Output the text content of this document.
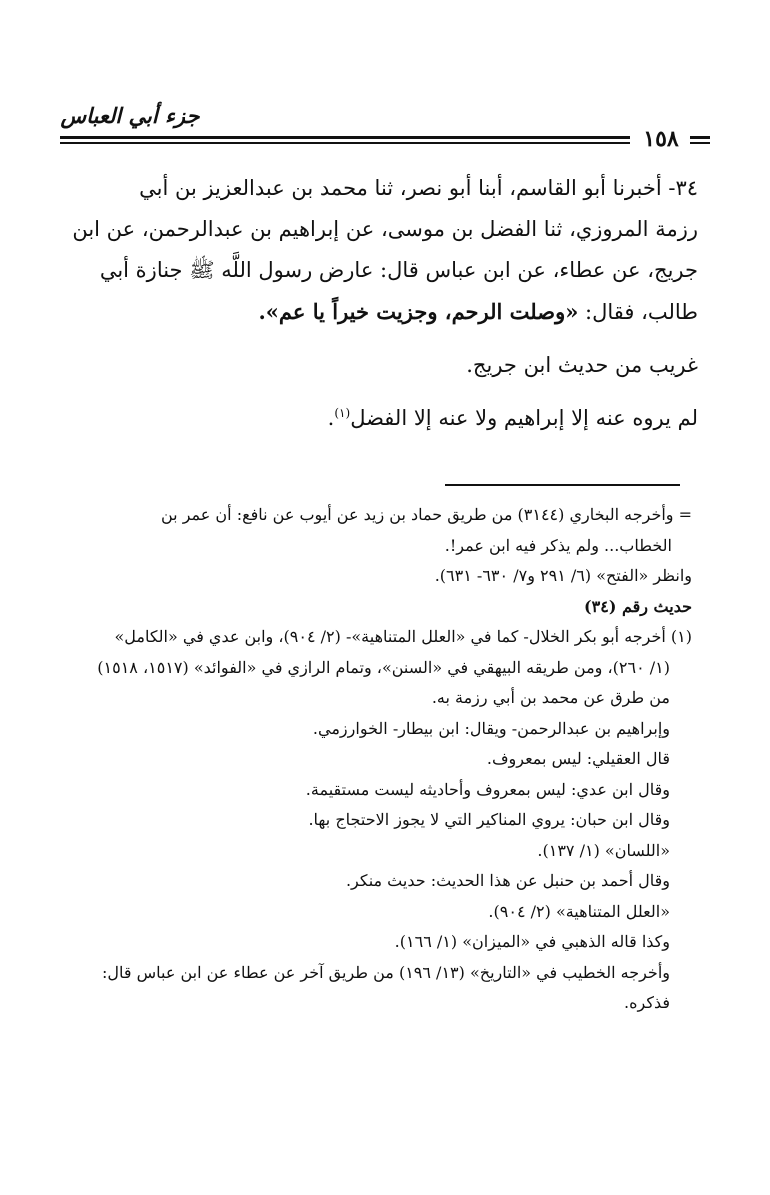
جزء أبي العباس
١٥٨
٣٤- أخبرنا أبو القاسم، أبنا أبو نصر، ثنا محمد بن عبدالعزيز بن أبي
رزمة المروزي، ثنا الفضل بن موسى، عن إبراهيم بن عبدالرحمن، عن ابن
جريج، عن عطاء، عن ابن عباس قال: عارض رسول اللَّه ﷺ جنازة أبي
طالب، فقال: «وصلت الرحم، وجزيت خيراً يا عم».
غريب من حديث ابن جريج.
لم يروه عنه إلا إبراهيم ولا عنه إلا الفضل$^{(١)}$.
= وأخرجه البخاري (٣١٤٤) من طريق حماد بن زيد عن أيوب عن نافع: أن عمر بن
الخطاب... ولم يذكر فيه ابن عمر!.
وانظر «الفتح» (٦/ ٢٩١ و٧/ ٦٣٠- ٦٣١).
حديث رقم (٣٤)
(١) أخرجه أبو بكر الخلال- كما في «العلل المتناهية»- (٢/ ٩٠٤)، وابن عدي في «الكامل»
(١/ ٢٦٠)، ومن طريقه البيهقي في «السنن»، وتمام الرازي في «الفوائد» (١٥١٧، ١٥١٨)
من طرق عن محمد بن أبي رزمة به.
وإبراهيم بن عبدالرحمن- ويقال: ابن بيطار- الخوارزمي.
قال العقيلي: ليس بمعروف.
وقال ابن عدي: ليس بمعروف وأحاديثه ليست مستقيمة.
وقال ابن حبان: يروي المناكير التي لا يجوز الاحتجاج بها.
«اللسان» (١/ ١٣٧).
وقال أحمد بن حنبل عن هذا الحديث: حديث منكر.
«العلل المتناهية» (٢/ ٩٠٤).
وكذا قاله الذهبي في «الميزان» (١/ ١٦٦).
وأخرجه الخطيب في «التاريخ» (١٣/ ١٩٦) من طريق آخر عن عطاء عن ابن عباس قال:
فذكره.
